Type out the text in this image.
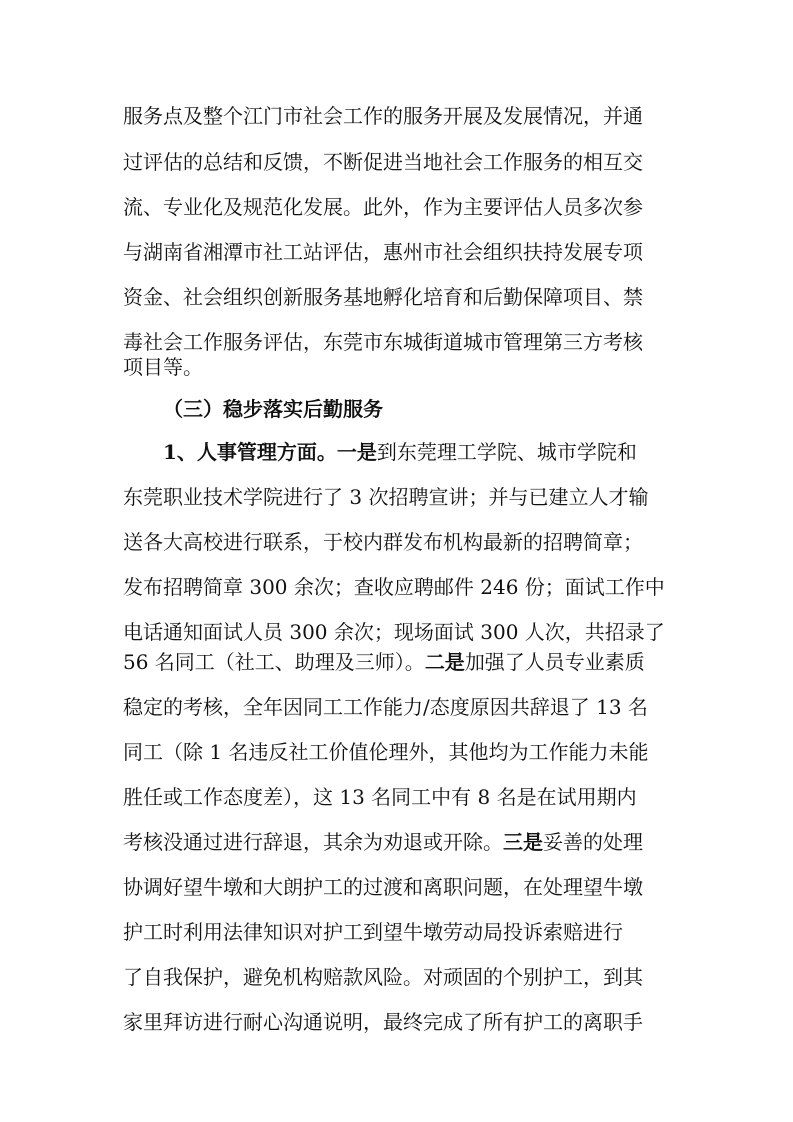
服务点及整个江门市社会工作的服务开展及发展情况，并通
过评估的总结和反馈，不断促进当地社会工作服务的相互交
流、专业化及规范化发展。此外，作为主要评估人员多次参
与湖南省湘潭市社工站评估，惠州市社会组织扶持发展专项
资金、社会组织创新服务基地孵化培育和后勤保障项目、禁
毒社会工作服务评估，东莞市东城街道城市管理第三方考核
项目等。
（三）稳步落实后勤服务
1、人事管理方面。一是到东莞理工学院、城市学院和
东莞职业技术学院进行了 3 次招聘宣讲；并与已建立人才输
送各大高校进行联系，于校内群发布机构最新的招聘简章；
发布招聘简章 300 余次；查收应聘邮件 246 份；面试工作中
电话通知面试人员 300 余次；现场面试 300 人次，共招录了
56 名同工（社工、助理及三师）。二是加强了人员专业素质
稳定的考核，全年因同工工作能力/态度原因共辞退了 13 名
同工（除 1 名违反社工价值伦理外，其他均为工作能力未能
胜任或工作态度差），这 13 名同工中有 8 名是在试用期内
考核没通过进行辞退，其余为劝退或开除。三是妥善的处理
协调好望牛墩和大朗护工的过渡和离职问题，在处理望牛墩
护工时利用法律知识对护工到望牛墩劳动局投诉索赔进行
了自我保护，避免机构赔款风险。对顽固的个别护工，到其
家里拜访进行耐心沟通说明，最终完成了所有护工的离职手
